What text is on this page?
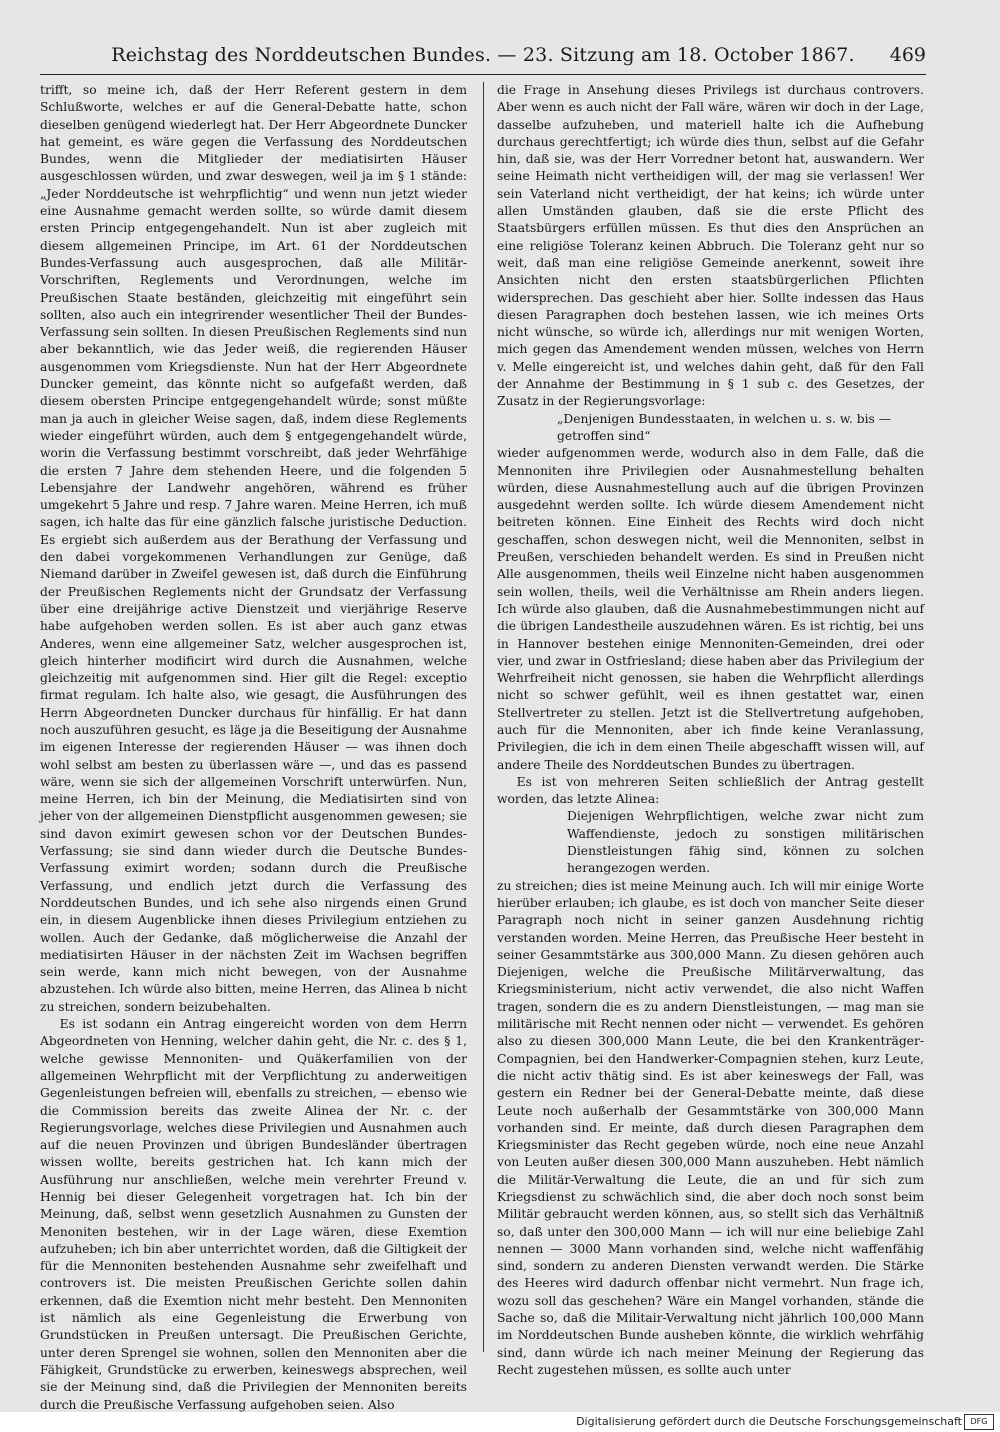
Reichstag des Norddeutschen Bundes. — 23. Sitzung am 18. October 1867.	469

trifft, so meine ich, daß der Herr Referent gestern in dem Schlußworte, welches er auf die General-Debatte hatte, schon dieselben genügend wiederlegt hat. Der Herr Abgeordnete Duncker hat gemeint, es wäre gegen die Verfassung des Norddeutschen Bundes, wenn die Mitglieder der mediatisirten Häuser ausgeschlossen würden, und zwar deswegen, weil ja im § 1 stände: „Jeder Norddeutsche ist wehrpflichtig“ und wenn nun jetzt wieder eine Ausnahme gemacht werden sollte, so würde damit diesem ersten Princip entgegengehandelt. Nun ist aber zugleich mit diesem allgemeinen Principe, im Art. 61 der Norddeutschen Bundes-Verfassung auch ausgesprochen, daß alle Militär-Vorschriften, Reglements und Verordnungen, welche im Preußischen Staate beständen, gleichzeitig mit eingeführt sein sollten, also auch ein integrirender wesentlicher Theil der Bundes-Verfassung sein sollten. In diesen Preußischen Reglements sind nun aber bekanntlich, wie das Jeder weiß, die regierenden Häuser ausgenommen vom Kriegsdienste. Nun hat der Herr Abgeordnete Duncker gemeint, das könnte nicht so aufgefaßt werden, daß diesem obersten Principe entgegengehandelt würde; sonst müßte man ja auch in gleicher Weise sagen, daß, indem diese Reglements wieder eingeführt würden, auch dem § entgegengehandelt würde, worin die Verfassung bestimmt vorschreibt, daß jeder Wehrfähige die ersten 7 Jahre dem stehenden Heere, und die folgenden 5 Lebensjahre der Landwehr angehören, während es früher umgekehrt 5 Jahre und resp. 7 Jahre waren. Meine Herren, ich muß sagen, ich halte das für eine gänzlich falsche juristische Deduction. Es ergiebt sich außerdem aus der Berathung der Verfassung und den dabei vorgekommenen Verhandlungen zur Genüge, daß Niemand darüber in Zweifel gewesen ist, daß durch die Einführung der Preußischen Reglements nicht der Grundsatz der Verfassung über eine dreijährige active Dienstzeit und vierjährige Reserve habe aufgehoben werden sollen. Es ist aber auch ganz etwas Anderes, wenn eine allgemeiner Satz, welcher ausgesprochen ist, gleich hinterher modificirt wird durch die Ausnahmen, welche gleichzeitig mit aufgenommen sind. Hier gilt die Regel: exceptio firmat regulam. Ich halte also, wie gesagt, die Ausführungen des Herrn Abgeordneten Duncker durchaus für hinfällig. Er hat dann noch auszuführen gesucht, es läge ja die Beseitigung der Ausnahme im eigenen Interesse der regierenden Häuser — was ihnen doch wohl selbst am besten zu überlassen wäre —, und das es passend wäre, wenn sie sich der allgemeinen Vorschrift unterwürfen. Nun, meine Herren, ich bin der Meinung, die Mediatisirten sind von jeher von der allgemeinen Dienstpflicht ausgenommen gewesen; sie sind davon eximirt gewesen schon vor der Deutschen Bundes-Verfassung; sie sind dann wieder durch die Deutsche Bundes-Verfassung eximirt worden; sodann durch die Preußische Verfassung, und endlich jetzt durch die Verfassung des Norddeutschen Bundes, und ich sehe also nirgends einen Grund ein, in diesem Augenblicke ihnen dieses Privilegium entziehen zu wollen. Auch der Gedanke, daß möglicherweise die Anzahl der mediatisirten Häuser in der nächsten Zeit im Wachsen begriffen sein werde, kann mich nicht bewegen, von der Ausnahme abzustehen. Ich würde also bitten, meine Herren, das Alinea b nicht zu streichen, sondern beizubehalten.

Es ist sodann ein Antrag eingereicht worden von dem Herrn Abgeordneten von Henning, welcher dahin geht, die Nr. c. des § 1, welche gewisse Mennoniten- und Quäkerfamilien von der allgemeinen Wehrpflicht mit der Verpflichtung zu anderweitigen Gegenleistungen befreien will, ebenfalls zu streichen, — ebenso wie die Commission bereits das zweite Alinea der Nr. c. der Regierungsvorlage, welches diese Privilegien und Ausnahmen auch auf die neuen Provinzen und übrigen Bundesländer übertragen wissen wollte, bereits gestrichen hat. Ich kann mich der Ausführung nur anschließen, welche mein verehrter Freund v. Hennig bei dieser Gelegenheit vorgetragen hat. Ich bin der Meinung, daß, selbst wenn gesetzlich Ausnahmen zu Gunsten der Menoniten bestehen, wir in der Lage wären, diese Exemtion aufzuheben; ich bin aber unterrichtet worden, daß die Giltigkeit der für die Mennoniten bestehenden Ausnahme sehr zweifelhaft und controvers ist. Die meisten Preußischen Gerichte sollen dahin erkennen, daß die Exemtion nicht mehr besteht. Den Mennoniten ist nämlich als eine Gegenleistung die Erwerbung von Grundstücken in Preußen untersagt. Die Preußischen Gerichte, unter deren Sprengel sie wohnen, sollen den Mennoniten aber die Fähigkeit, Grundstücke zu erwerben, keineswegs absprechen, weil sie der Meinung sind, daß die Privilegien der Mennoniten bereits durch die Preußische Verfassung aufgehoben seien. Also

die Frage in Ansehung dieses Privilegs ist durchaus controvers. Aber wenn es auch nicht der Fall wäre, wären wir doch in der Lage, dasselbe aufzuheben, und materiell halte ich die Aufhebung durchaus gerechtfertigt; ich würde dies thun, selbst auf die Gefahr hin, daß sie, was der Herr Vorredner betont hat, auswandern. Wer seine Heimath nicht vertheidigen will, der mag sie verlassen! Wer sein Vaterland nicht vertheidigt, der hat keins; ich würde unter allen Umständen glauben, daß sie die erste Pflicht des Staatsbürgers erfüllen müssen. Es thut dies den Ansprüchen an eine religiöse Toleranz keinen Abbruch. Die Toleranz geht nur so weit, daß man eine religiöse Gemeinde anerkennt, soweit ihre Ansichten nicht den ersten staatsbürgerlichen Pflichten widersprechen. Das geschieht aber hier. Sollte indessen das Haus diesen Paragraphen doch bestehen lassen, wie ich meines Orts nicht wünsche, so würde ich, allerdings nur mit wenigen Worten, mich gegen das Amendement wenden müssen, welches von Herrn v. Melle eingereicht ist, und welches dahin geht, daß für den Fall der Annahme der Bestimmung in § 1 sub c. des Gesetzes, der Zusatz in der Regierungsvorlage:

„Denjenigen Bundesstaaten, in welchen u. s. w. bis — getroffen sind“

wieder aufgenommen werde, wodurch also in dem Falle, daß die Mennoniten ihre Privilegien oder Ausnahmestellung behalten würden, diese Ausnahmestellung auch auf die übrigen Provinzen ausgedehnt werden sollte. Ich würde diesem Amendement nicht beitreten können. Eine Einheit des Rechts wird doch nicht geschaffen, schon deswegen nicht, weil die Mennoniten, selbst in Preußen, verschieden behandelt werden. Es sind in Preußen nicht Alle ausgenommen, theils weil Einzelne nicht haben ausgenommen sein wollen, theils, weil die Verhältnisse am Rhein anders liegen. Ich würde also glauben, daß die Ausnahmebestimmungen nicht auf die übrigen Landestheile auszudehnen wären. Es ist richtig, bei uns in Hannover bestehen einige Mennoniten-Gemeinden, drei oder vier, und zwar in Ostfriesland; diese haben aber das Privilegium der Wehrfreiheit nicht genossen, sie haben die Wehrpflicht allerdings nicht so schwer gefühlt, weil es ihnen gestattet war, einen Stellvertreter zu stellen. Jetzt ist die Stellvertretung aufgehoben, auch für die Mennoniten, aber ich finde keine Veranlassung, Privilegien, die ich in dem einen Theile abgeschafft wissen will, auf andere Theile des Norddeutschen Bundes zu übertragen.

Es ist von mehreren Seiten schließlich der Antrag gestellt worden, das letzte Alinea:

Diejenigen Wehrpflichtigen, welche zwar nicht zum Waffendienste, jedoch zu sonstigen militärischen Dienstleistungen fähig sind, können zu solchen herangezogen werden.

zu streichen; dies ist meine Meinung auch. Ich will mir einige Worte hierüber erlauben; ich glaube, es ist doch von mancher Seite dieser Paragraph noch nicht in seiner ganzen Ausdehnung richtig verstanden worden. Meine Herren, das Preußische Heer besteht in seiner Gesammtstärke aus 300,000 Mann. Zu diesen gehören auch Diejenigen, welche die Preußische Militärverwaltung, das Kriegsministerium, nicht activ verwendet, die also nicht Waffen tragen, sondern die es zu andern Dienstleistungen, — mag man sie militärische mit Recht nennen oder nicht — verwendet. Es gehören also zu diesen 300,000 Mann Leute, die bei den Krankenträger-Compagnien, bei den Handwerker-Compagnien stehen, kurz Leute, die nicht activ thätig sind. Es ist aber keineswegs der Fall, was gestern ein Redner bei der General-Debatte meinte, daß diese Leute noch außerhalb der Gesammtstärke von 300,000 Mann vorhanden sind. Er meinte, daß durch diesen Paragraphen dem Kriegsminister das Recht gegeben würde, noch eine neue Anzahl von Leuten außer diesen 300,000 Mann auszuheben. Hebt nämlich die Militär-Verwaltung die Leute, die an und für sich zum Kriegsdienst zu schwächlich sind, die aber doch noch sonst beim Militär gebraucht werden können, aus, so stellt sich das Verhältniß so, daß unter den 300,000 Mann — ich will nur eine beliebige Zahl nennen — 3000 Mann vorhanden sind, welche nicht waffenfähig sind, sondern zu anderen Diensten verwandt werden. Die Stärke des Heeres wird dadurch offenbar nicht vermehrt. Nun frage ich, wozu soll das geschehen? Wäre ein Mangel vorhanden, stände die Sache so, daß die Militair-Verwaltung nicht jährlich 100,000 Mann im Norddeutschen Bunde ausheben könnte, die wirklich wehrfähig sind, dann würde ich nach meiner Meinung der Regierung das Recht zugestehen müssen, es sollte auch unter

Digitalisierung gefördert durch die Deutsche Forschungsgemeinschaft	DFG
